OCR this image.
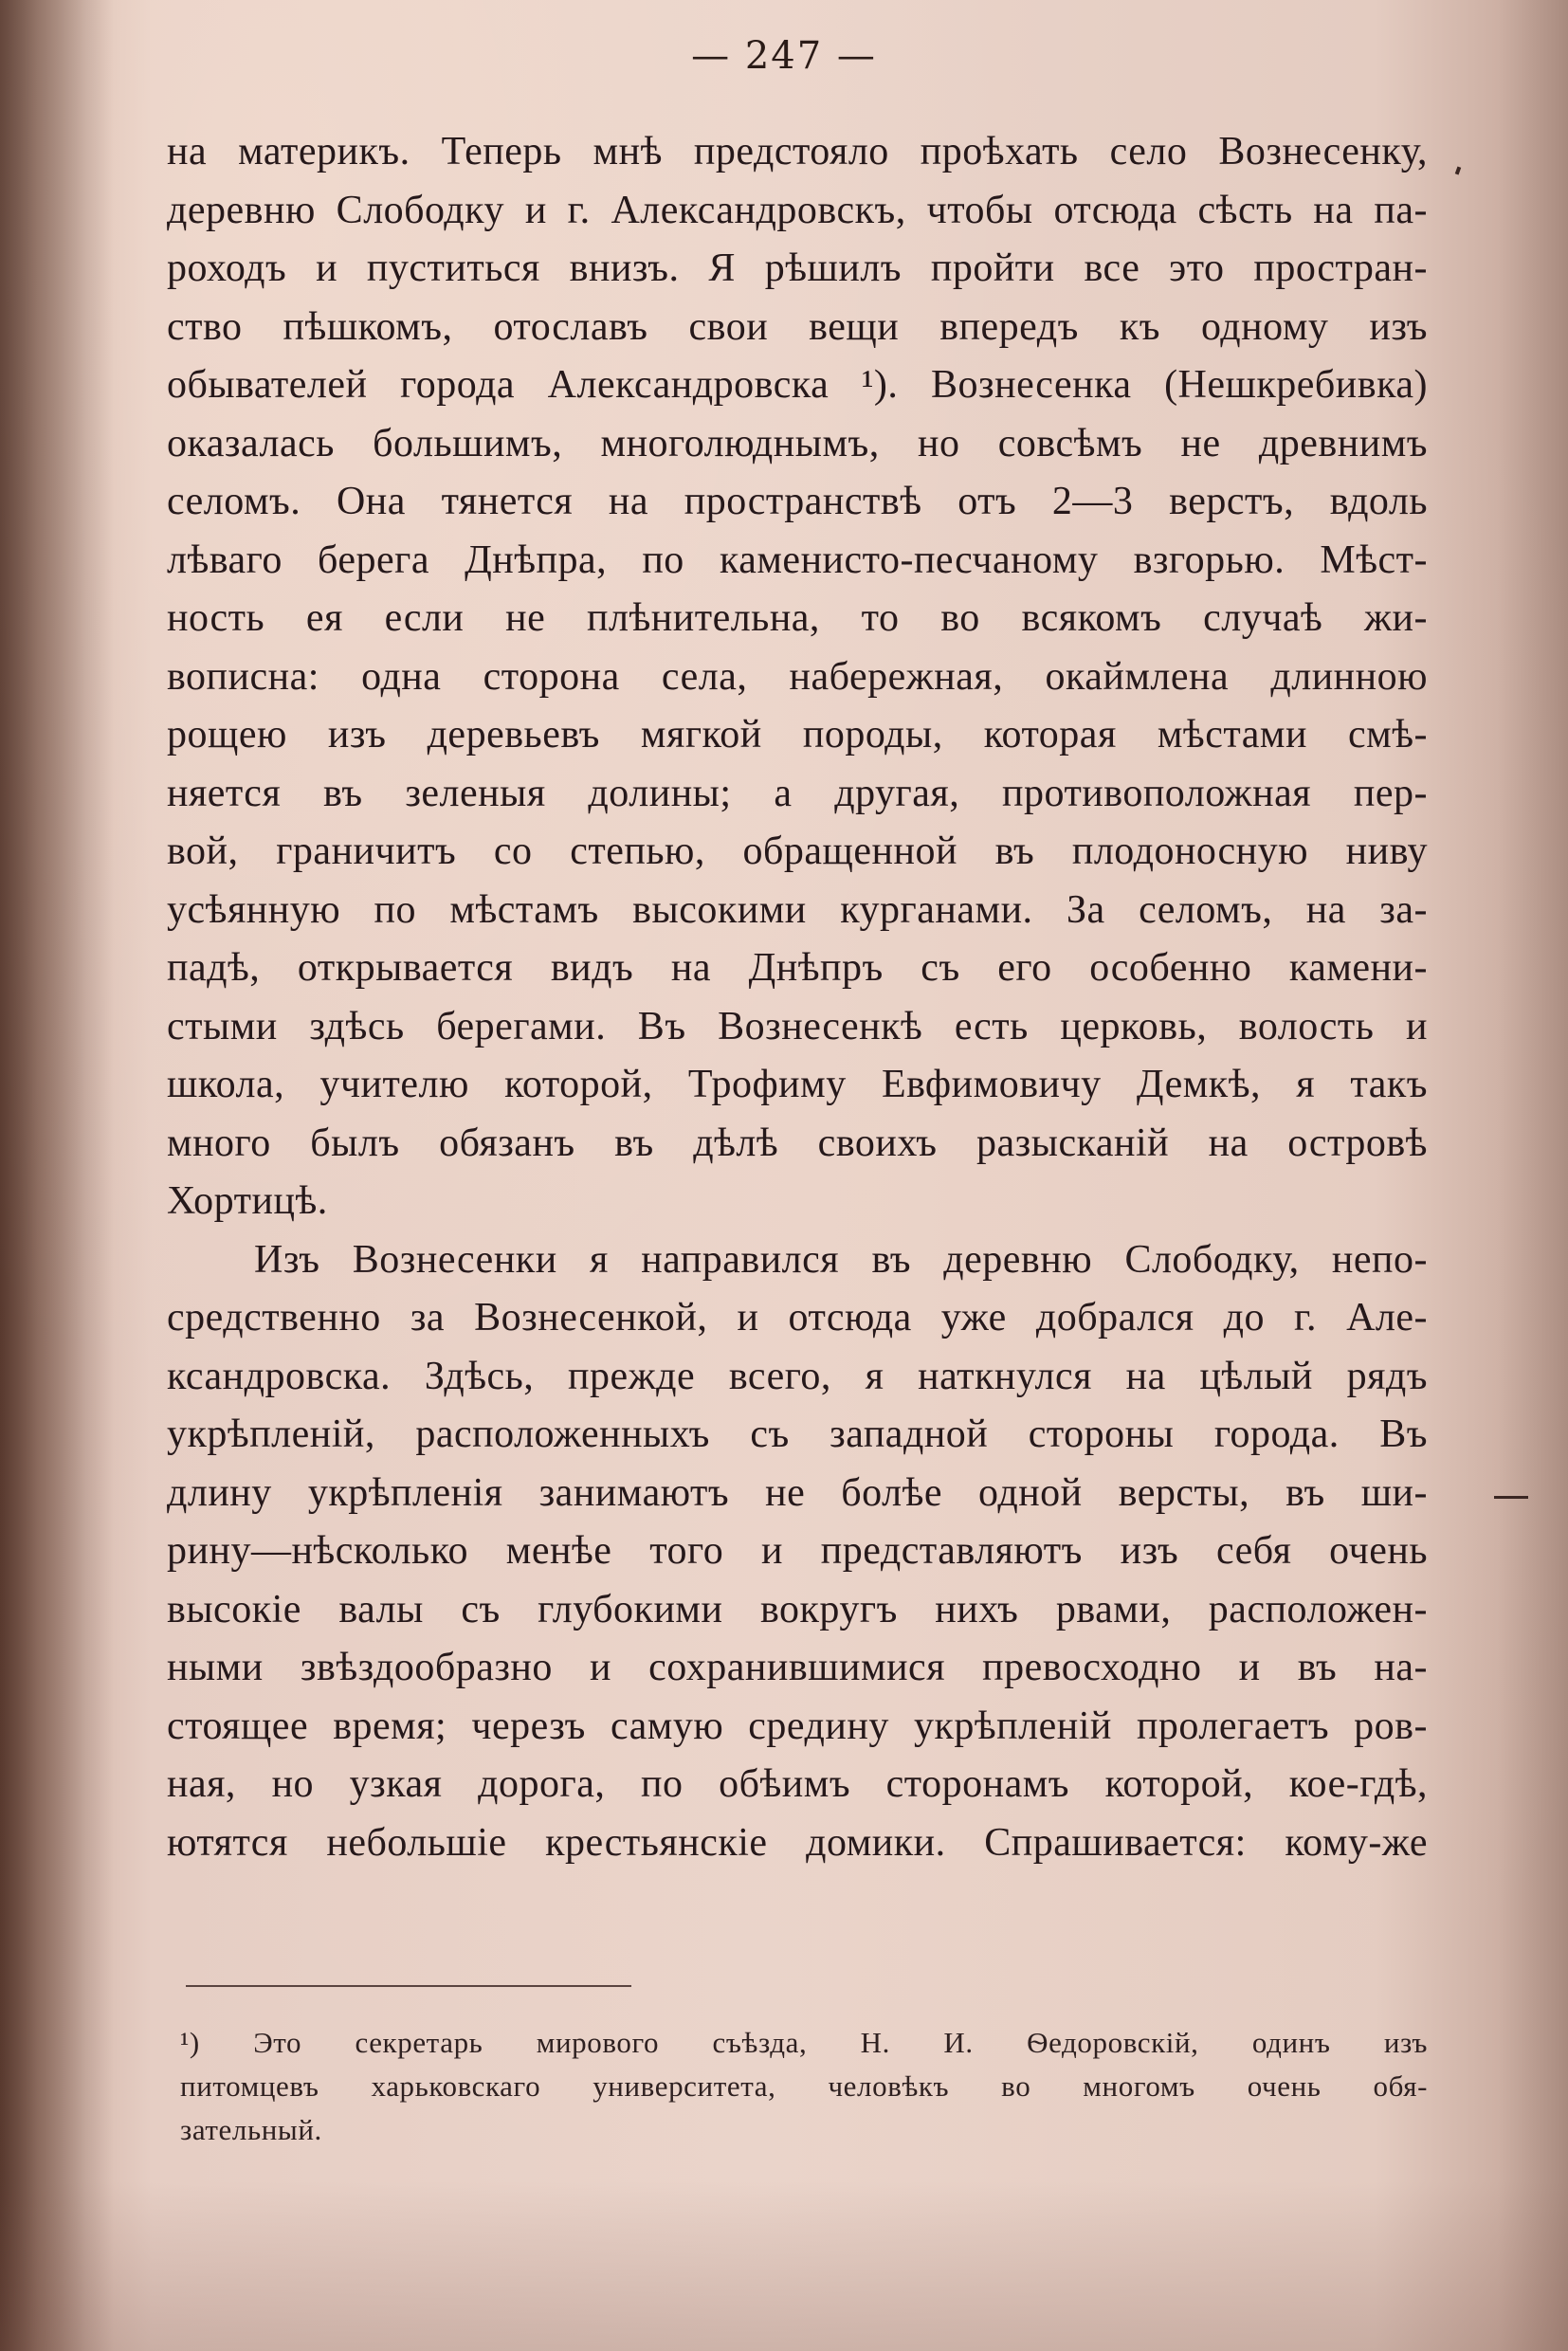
— 247 —
на материкъ. Теперь мнѣ предстояло проѣхать село Вознесенку,
деревню Слободку и г. Александровскъ, чтобы отсюда сѣсть на па-
роходъ и пуститься внизъ. Я рѣшилъ пройти все это простран-
ство пѣшкомъ, отославъ свои вещи впередъ къ одному изъ
обывателей города Александровска ¹). Вознесенка (Нешкребивка)
оказалась большимъ, многолюднымъ, но совсѣмъ не древнимъ
селомъ. Она тянется на пространствѣ отъ 2—3 верстъ, вдоль
лѣваго берега Днѣпра, по каменисто-песчаному взгорью. Мѣст-
ность ея если не плѣнительна, то во всякомъ случаѣ жи-
вописна: одна сторона села, набережная, окаймлена длинною
рощею изъ деревьевъ мягкой породы, которая мѣстами смѣ-
няется въ зеленыя долины; а другая, противоположная пер-
вой, граничитъ со степью, обращенной въ плодоносную ниву
усѣянную по мѣстамъ высокими курганами. За селомъ, на за-
падѣ, открывается видъ на Днѣпръ съ его особенно камени-
стыми здѣсь берегами. Въ Вознесенкѣ есть церковь, волость и
школа, учителю которой, Трофиму Евфимовичу Демкѣ, я такъ
много былъ обязанъ въ дѣлѣ своихъ разысканій на островѣ
Хортицѣ.
Изъ Вознесенки я направился въ деревню Слободку, непо-
средственно за Вознесенкой, и отсюда уже добрался до г. Але-
ксандровска. Здѣсь, прежде всего, я наткнулся на цѣлый рядъ
укрѣпленій, расположенныхъ съ западной стороны города. Въ
длину укрѣпленія занимаютъ не болѣе одной версты, въ ши-
рину—нѣсколько менѣе того и представляютъ изъ себя очень
высокіе валы съ глубокими вокругъ нихъ рвами, расположен-
ными звѣздообразно и сохранившимися превосходно и въ на-
стоящее время; черезъ самую средину укрѣпленій пролегаетъ ров-
ная, но узкая дорога, по обѣимъ сторонамъ которой, кое-гдѣ,
ютятся небольшіе крестьянскіе домики. Спрашивается: кому-же
¹) Это секретарь мирового съѣзда, Н. И. Ѳедоровскій, одинъ изъ
питомцевъ харьковскаго университета, человѣкъ во многомъ очень обя-
зательный.
